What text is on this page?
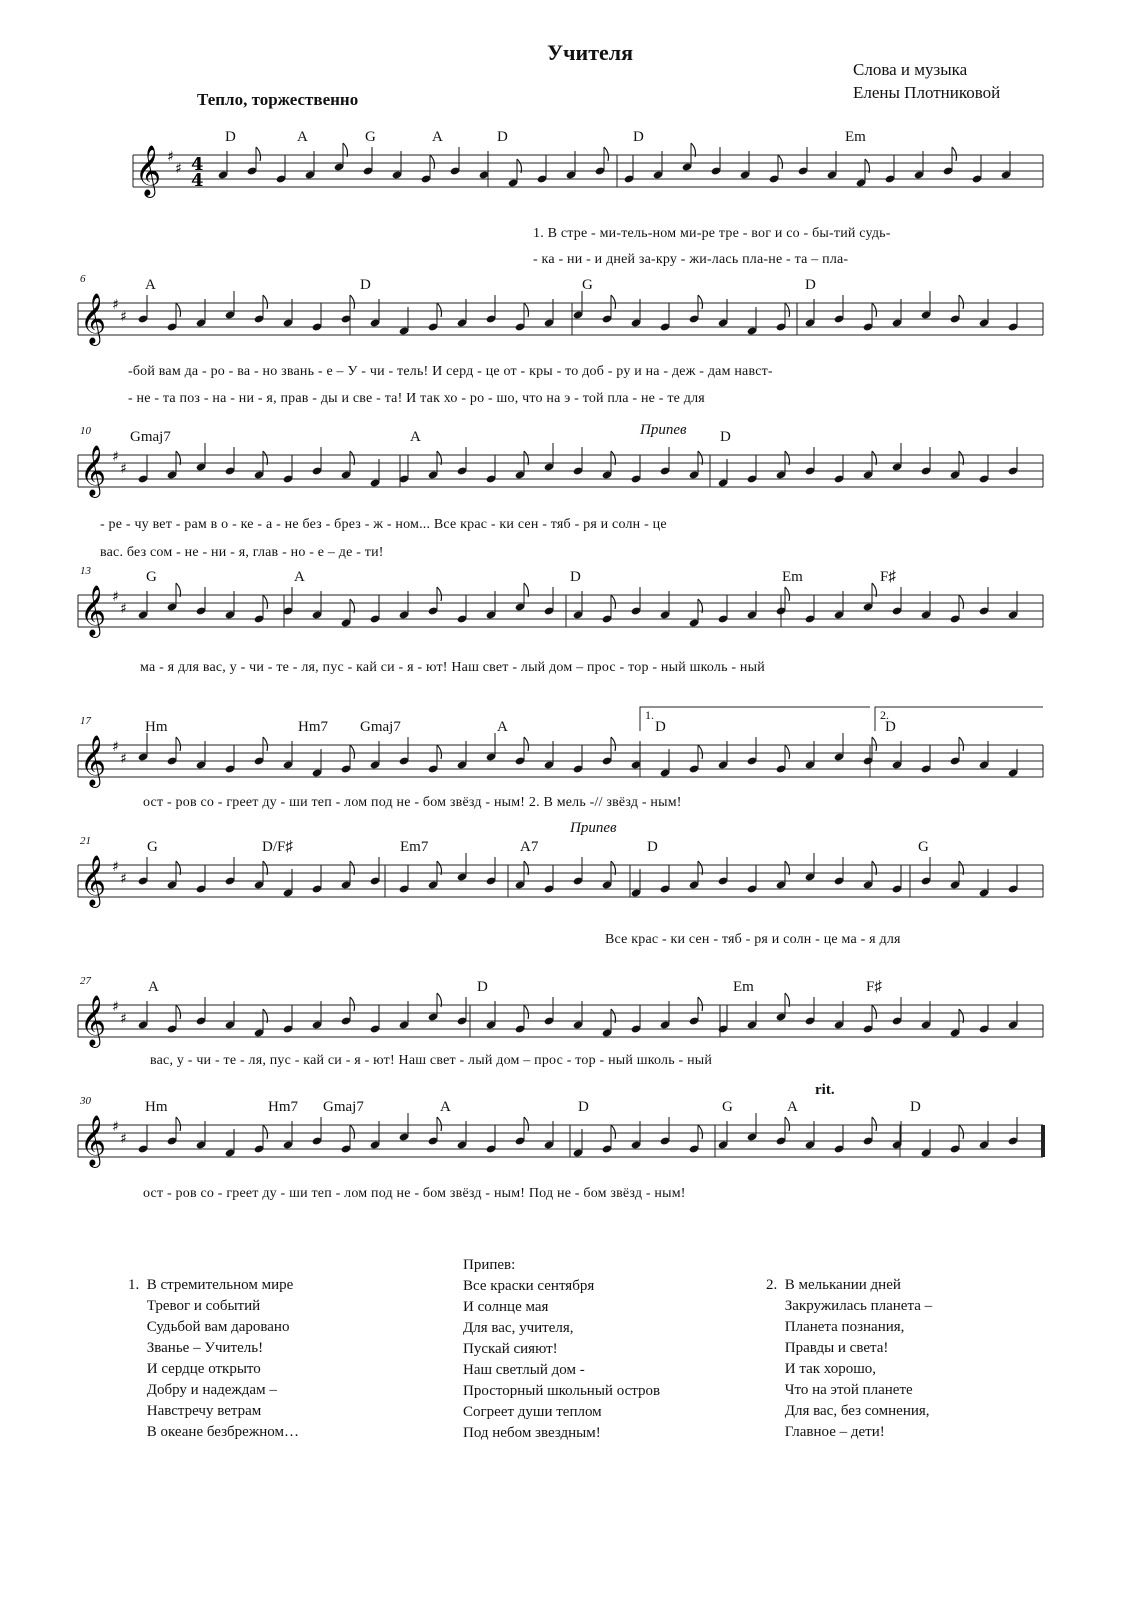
Учителя
Слова и музыка
Елены Плотниковой
Тепло, торжественно
𝄞 ♯
♯ 4
4
D	A	G	A	D	D	Em
1. В стре - ми-тель-ном ми-ре тре - вог и со - бы-тий судь-
- ка - ни - и дней за-кру - жи-лась пла-не - та – пла-
𝄞 ♯
♯
6	A	D	G	D
-бой вам да - ро - ва - но звань - е – У - чи - тель! И серд - це от - кры - то доб - ру и на - деж - дам навст-
- не - та поз - на - ни - я, прав - ды и све - та! И так хо - ро - шо, что на э - той пла - не - те для
𝄞 ♯
♯
10	Gmaj7	A	D
Припев
- ре - чу вет - рам в о - ке - а - не без - брез - ж - ном... Все крас - ки сен - тяб - ря и солн - це
вас. без сом - не - ни - я, глав - но - е – де - ти!
𝄞 ♯
♯
13	G	A	D	Em	F♯
ма - я для вас, у - чи - те - ля, пус - кай си - я - ют! Наш свет - лый дом – прос - тор - ный школь - ный
𝄞 ♯
♯
17	Hm	Hm7 Gmaj7	A	D	D
1.	2.
ост - ров со - греет ду - ши теп - лом под не - бом звёзд - ным! 2. В мель -// звёзд - ным!
𝄞 ♯
♯
21	G	D/F♯	Em7	A7	D	G
Припев
Все крас - ки сен - тяб - ря и солн - це ма - я для
𝄞 ♯
♯
27	A	D	Em	F♯
вас, у - чи - те - ля, пус - кай си - я - ют! Наш свет - лый дом – прос - тор - ный школь - ный
𝄞 ♯
♯
30	Hm	Hm7 Gmaj7	A	D	G	A	D
rit.
ост - ров со - греет ду - ши теп - лом под не - бом звёзд - ным! Под не - бом звёзд - ным!
1.  В стремительном мире
Тревог и событий
Судьбой вам даровано
Званье – Учитель!
И сердце открыто
Добру и надеждам –
Навстречу ветрам
В океане безбрежном…
Припев:
Все краски сентября
И солнце мая
Для вас, учителя,
Пускай сияют!
Наш светлый дом -
Просторный школьный остров
Согреет души теплом
Под небом звездным!
2.  В мелькании дней
Закружилась планета –
Планета познания,
Правды и света!
И так хорошо,
Что на этой планете
Для вас, без сомнения,
Главное – дети!
